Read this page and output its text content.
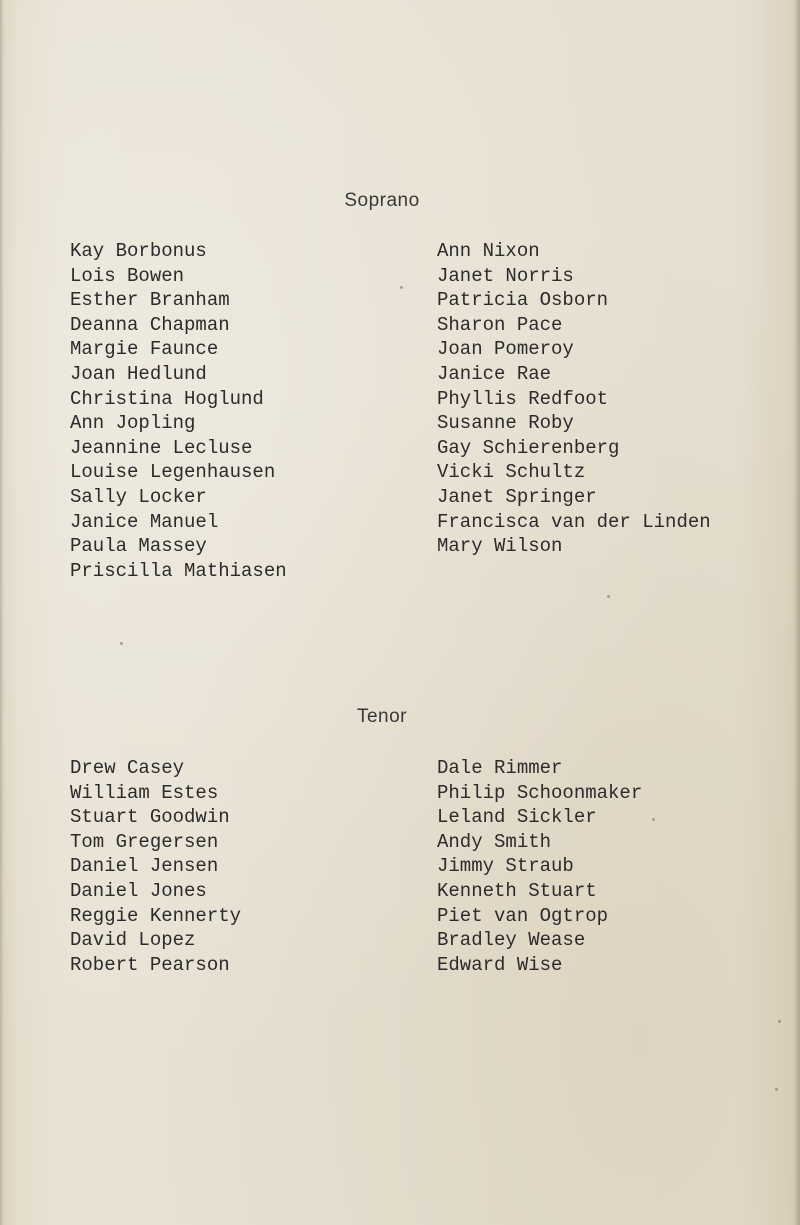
Soprano
Kay Borbonus
Lois Bowen
Esther Branham
Deanna Chapman
Margie Faunce
Joan Hedlund
Christina Hoglund
Ann Jopling
Jeannine Lecluse
Louise Legenhausen
Sally Locker
Janice Manuel
Paula Massey
Priscilla Mathiasen
Ann Nixon
Janet Norris
Patricia Osborn
Sharon Pace
Joan Pomeroy
Janice Rae
Phyllis Redfoot
Susanne Roby
Gay Schierenberg
Vicki Schultz
Janet Springer
Francisca van der Linden
Mary Wilson
Tenor
Drew Casey
William Estes
Stuart Goodwin
Tom Gregersen
Daniel Jensen
Daniel Jones
Reggie Kennerty
David Lopez
Robert Pearson
Dale Rimmer
Philip Schoonmaker
Leland Sickler
Andy Smith
Jimmy Straub
Kenneth Stuart
Piet van Ogtrop
Bradley Wease
Edward Wise
